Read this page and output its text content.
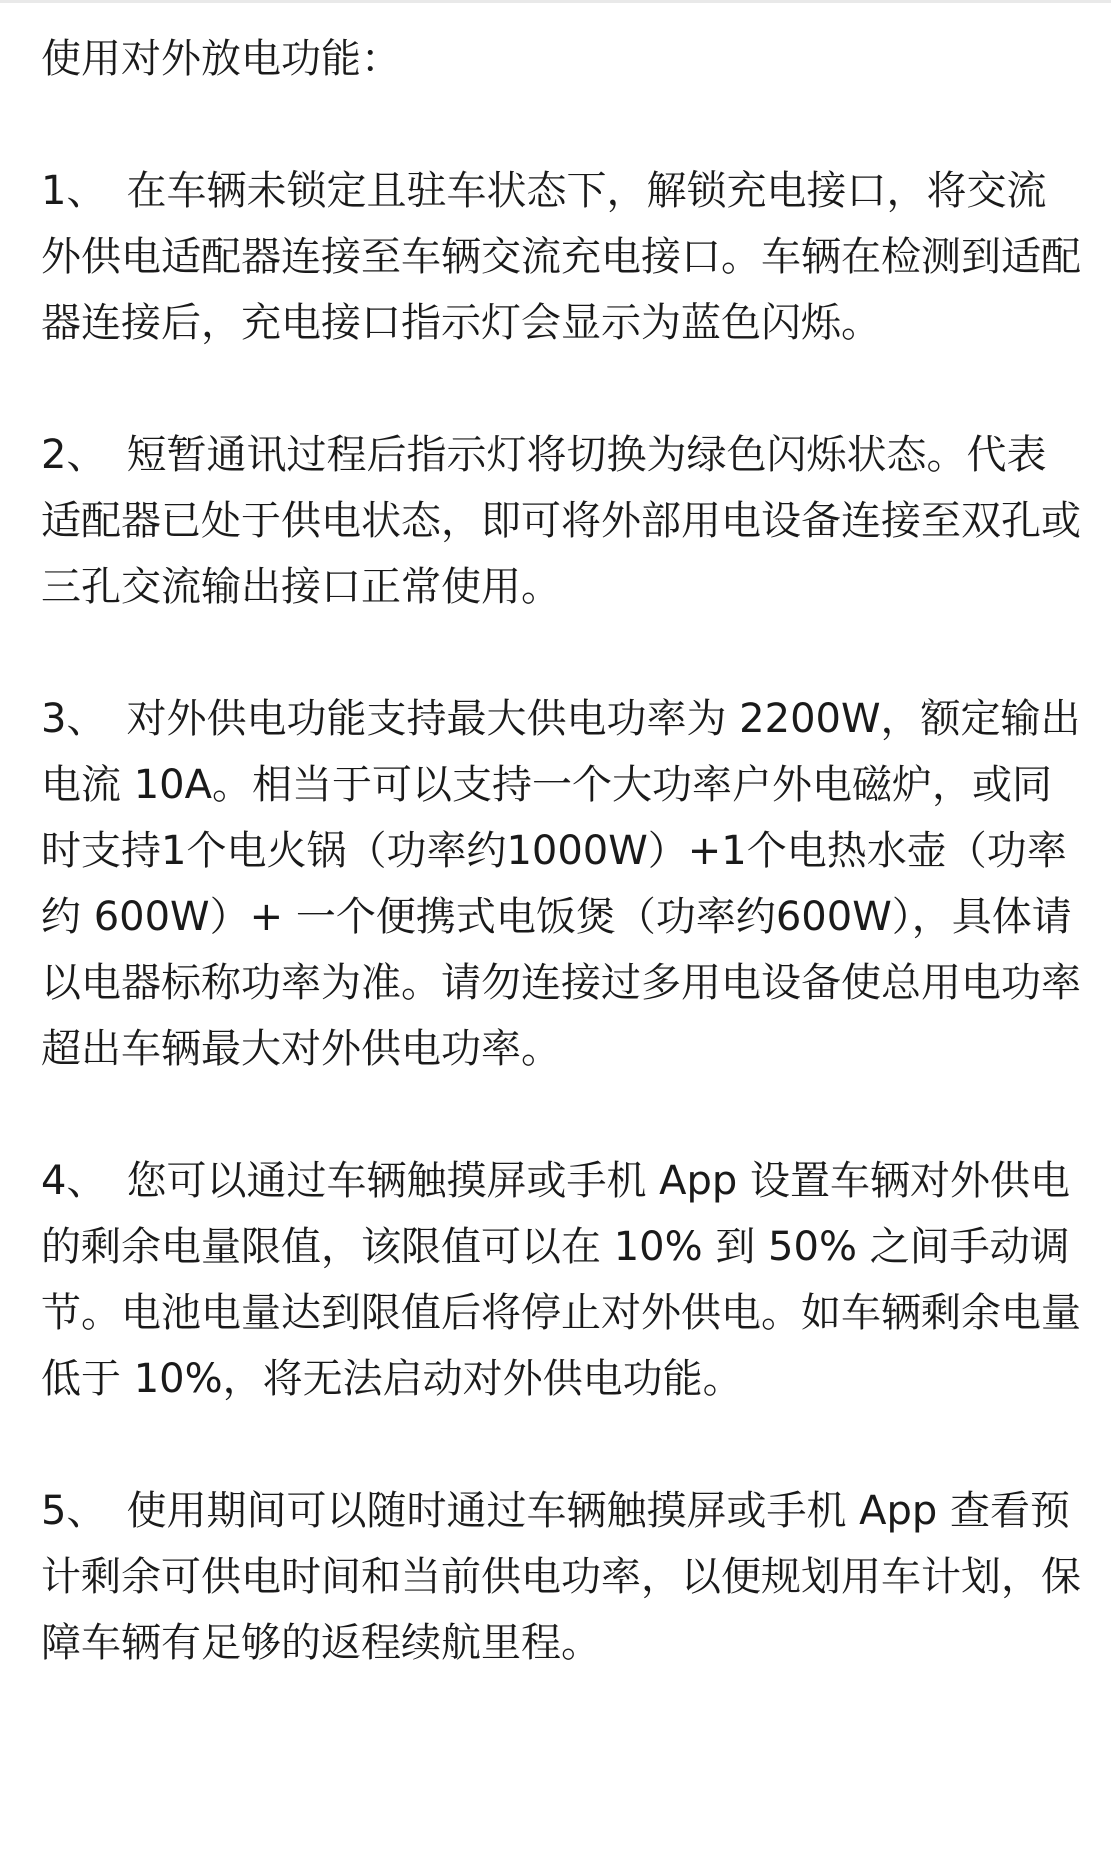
使用对外放电功能：

1、 在车辆未锁定且驻车状态下，解锁充电接口，将交流外供电适配器连接至车辆交流充电接口。车辆在检测到适配器连接后，充电接口指示灯会显示为蓝色闪烁。

2、 短暂通讯过程后指示灯将切换为绿色闪烁状态。代表适配器已处于供电状态，即可将外部用电设备连接至双孔或三孔交流输出接口正常使用。

3、 对外供电功能支持最大供电功率为 2200W，额定输出电流 10A。相当于可以支持一个大功率户外电磁炉，或同时支持1个电火锅（功率约1000W）+1个电热水壶（功率约 600W）+ 一个便携式电饭煲（功率约600W），具体请以电器标称功率为准。请勿连接过多用电设备使总用电功率超出车辆最大对外供电功率。

4、 您可以通过车辆触摸屏或手机 App 设置车辆对外供电的剩余电量限值，该限值可以在 10% 到 50% 之间手动调节。电池电量达到限值后将停止对外供电。如车辆剩余电量低于 10%，将无法启动对外供电功能。

5、 使用期间可以随时通过车辆触摸屏或手机 App 查看预计剩余可供电时间和当前供电功率，以便规划用车计划，保障车辆有足够的返程续航里程。
